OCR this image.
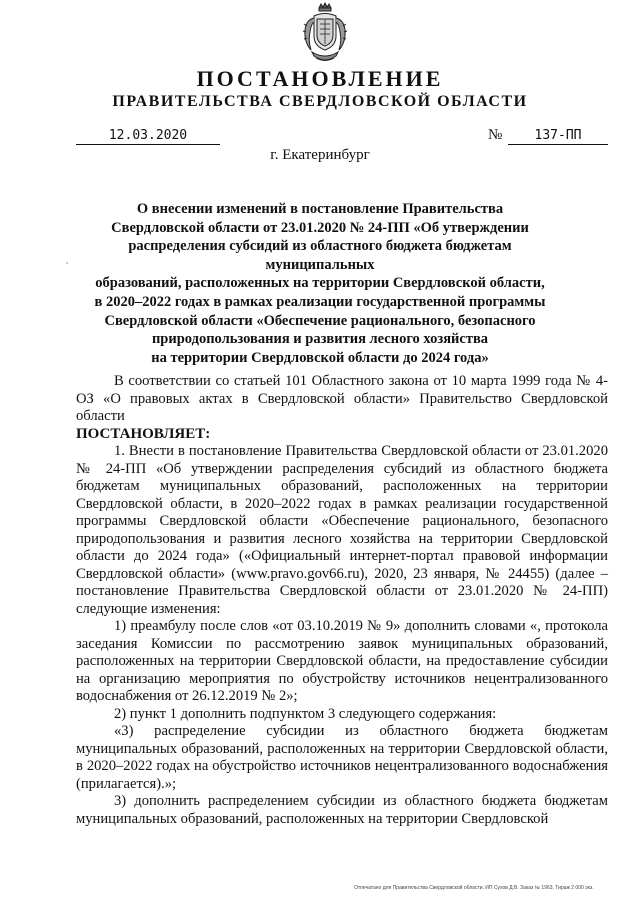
ПОСТАНОВЛЕНИЕ
ПРАВИТЕЛЬСТВА СВЕРДЛОВСКОЙ ОБЛАСТИ
12.03.2020	№	137-ПП
г. Екатеринбург
О внесении изменений в постановление Правительства
Свердловской области от 23.01.2020 № 24-ПП «Об утверждении
распределения субсидий из областного бюджета бюджетам муниципальных
образований, расположенных на территории Свердловской области,
в 2020–2022 годах в рамках реализации государственной программы
Свердловской области «Обеспечение рационального, безопасного
природопользования и развития лесного хозяйства
на территории Свердловской области до 2024 года»

В соответствии со статьей 101 Областного закона от 10 марта 1999 года № 4-ОЗ «О правовых актах в Свердловской области» Правительство Свердловской области

ПОСТАНОВЛЯЕТ:

1. Внести в постановление Правительства Свердловской области от 23.01.2020 № 24-ПП «Об утверждении распределения субсидий из областного бюджета бюджетам муниципальных образований, расположенных на территории Свердловской области, в 2020–2022 годах в рамках реализации государственной программы Свердловской области «Обеспечение рационального, безопасного природопользования и развития лесного хозяйства на территории Свердловской области до 2024 года» («Официальный интернет-портал правовой информации Свердловской области» (www.pravo.gov66.ru), 2020, 23 января, № 24455) (далее – постановление Правительства Свердловской области от 23.01.2020 № 24-ПП) следующие изменения:

1) преамбулу после слов «от 03.10.2019 № 9» дополнить словами «, протокола заседания Комиссии по рассмотрению заявок муниципальных образований, расположенных на территории Свердловской области, на предоставление субсидии на организацию мероприятия по обустройству источников нецентрализованного водоснабжения от 26.12.2019 № 2»;

2) пункт 1 дополнить подпунктом 3 следующего содержания:

«3) распределение субсидии из областного бюджета бюджетам муниципальных образований, расположенных на территории Свердловской области, в 2020–2022 годах на обустройство источников нецентрализованного водоснабжения (прилагается).»;

3) дополнить распределением субсидии из областного бюджета бюджетам муниципальных образований, расположенных на территории Свердловской

Отпечатано для Правительства Свердловской области. ИП Сухов Д.В. Заказ № 1963. Тираж 2 000 экз.
